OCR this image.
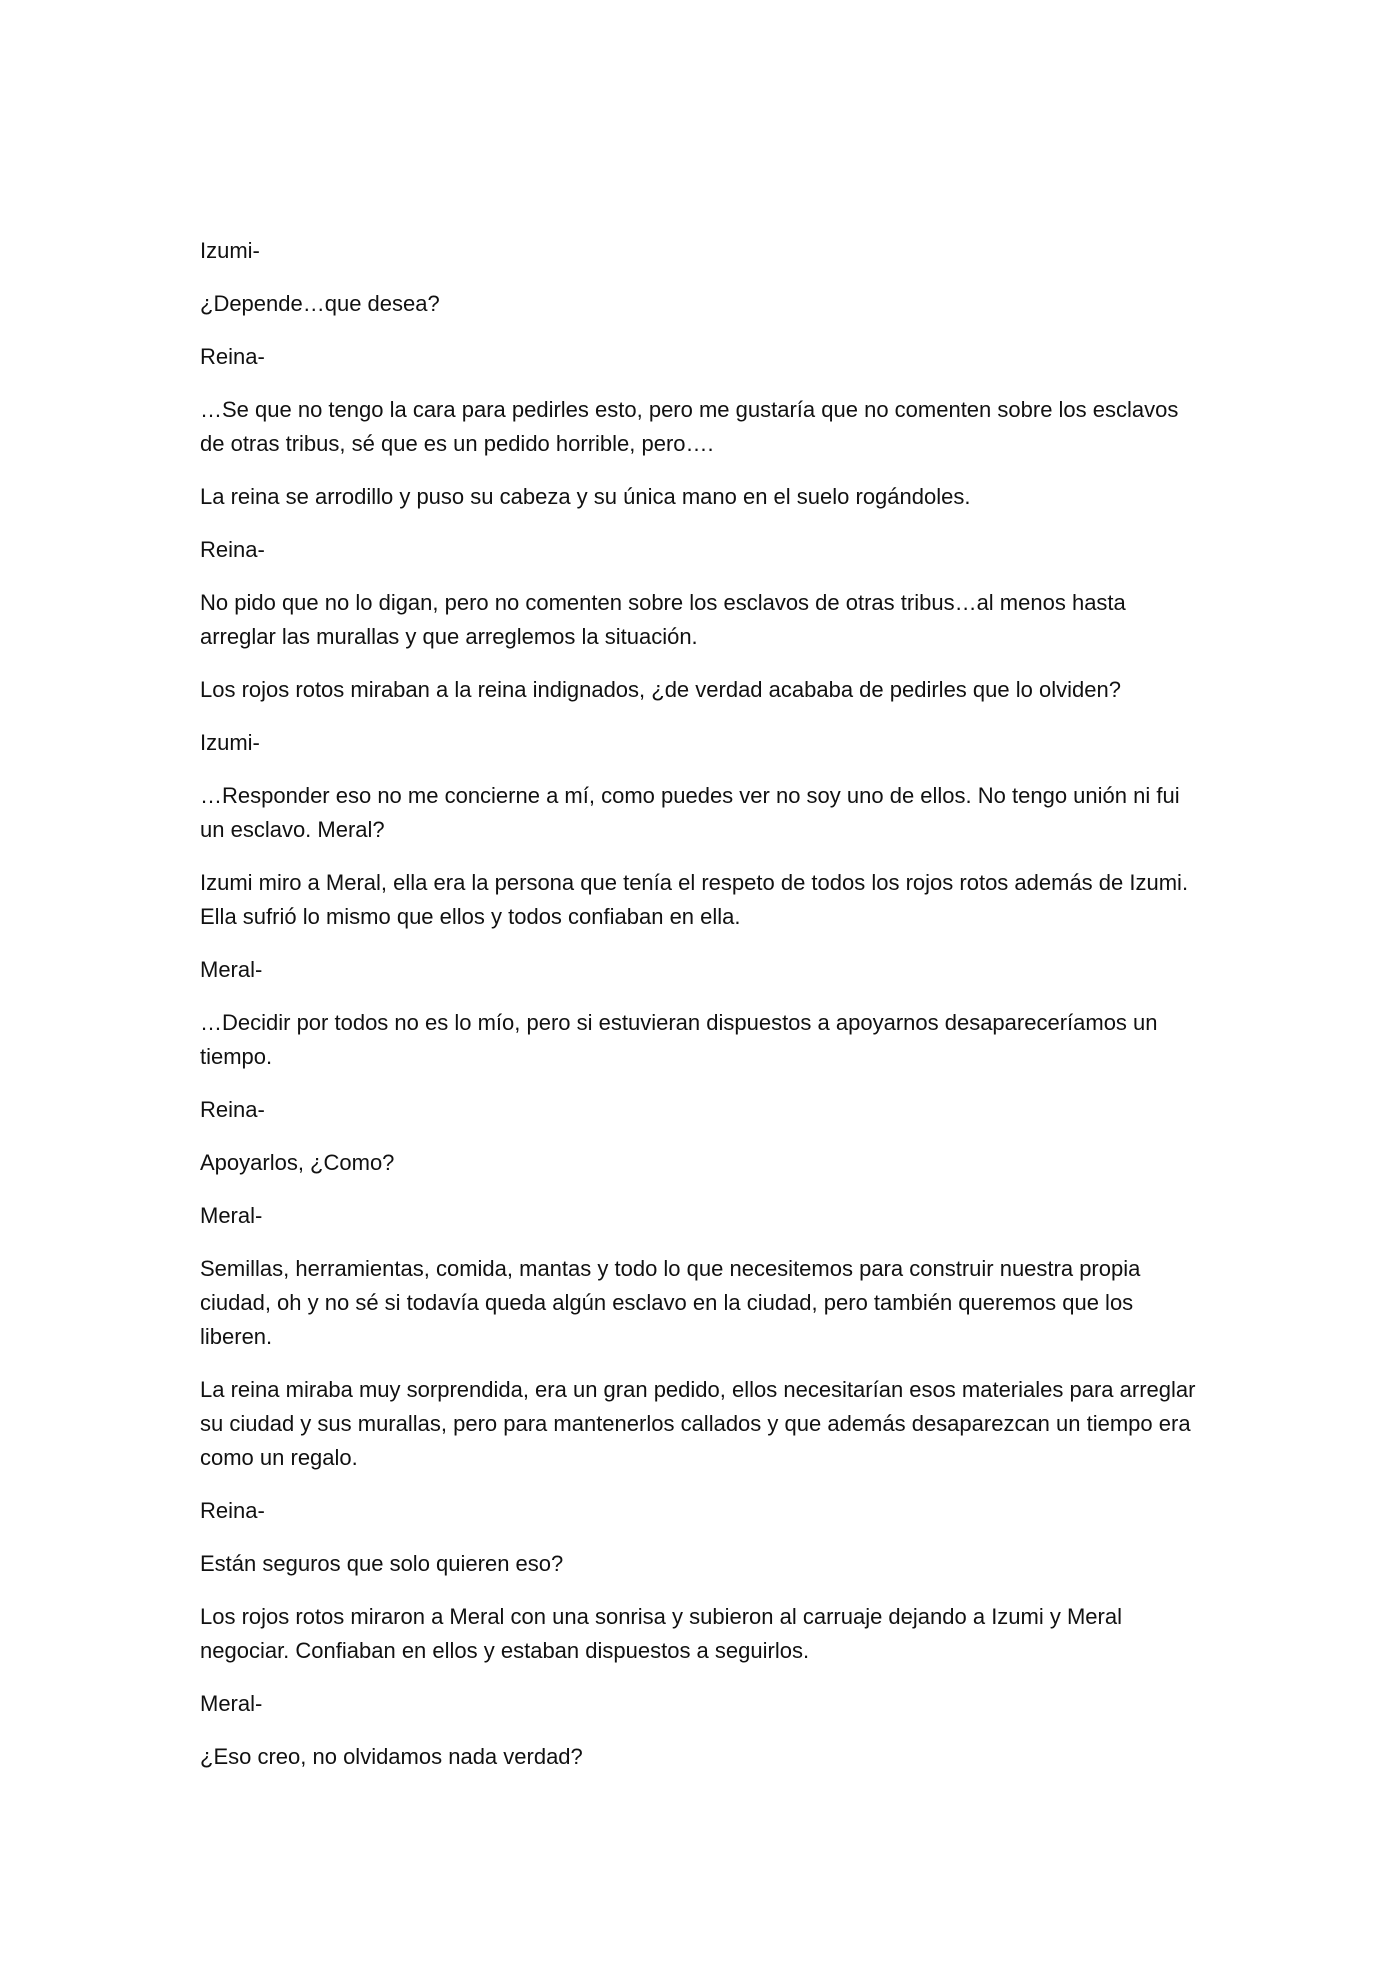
Izumi-

¿Depende…que desea?

Reina-

…Se que no tengo la cara para pedirles esto, pero me gustaría que no comenten sobre los esclavos de otras tribus, sé que es un pedido horrible, pero….

La reina se arrodillo y puso su cabeza y su única mano en el suelo rogándoles.

Reina-

No pido que no lo digan, pero no comenten sobre los esclavos de otras tribus…al menos hasta arreglar las murallas y que arreglemos la situación.

Los rojos rotos miraban a la reina indignados, ¿de verdad acababa de pedirles que lo olviden?

Izumi-

…Responder eso no me concierne a mí, como puedes ver no soy uno de ellos. No tengo unión ni fui un esclavo. Meral?

Izumi miro a Meral, ella era la persona que tenía el respeto de todos los rojos rotos además de Izumi. Ella sufrió lo mismo que ellos y todos confiaban en ella.

Meral-

…Decidir por todos no es lo mío, pero si estuvieran dispuestos a apoyarnos desapareceríamos un tiempo.

Reina-

Apoyarlos, ¿Como?

Meral-

Semillas, herramientas, comida, mantas y todo lo que necesitemos para construir nuestra propia ciudad, oh y no sé si todavía queda algún esclavo en la ciudad, pero también queremos que los liberen.

La reina miraba muy sorprendida, era un gran pedido, ellos necesitarían esos materiales para arreglar su ciudad y sus murallas, pero para mantenerlos callados y que además desaparezcan un tiempo era como un regalo.

Reina-

Están seguros que solo quieren eso?

Los rojos rotos miraron a Meral con una sonrisa y subieron al carruaje dejando a Izumi y Meral negociar. Confiaban en ellos y estaban dispuestos a seguirlos.

Meral-

¿Eso creo, no olvidamos nada verdad?
